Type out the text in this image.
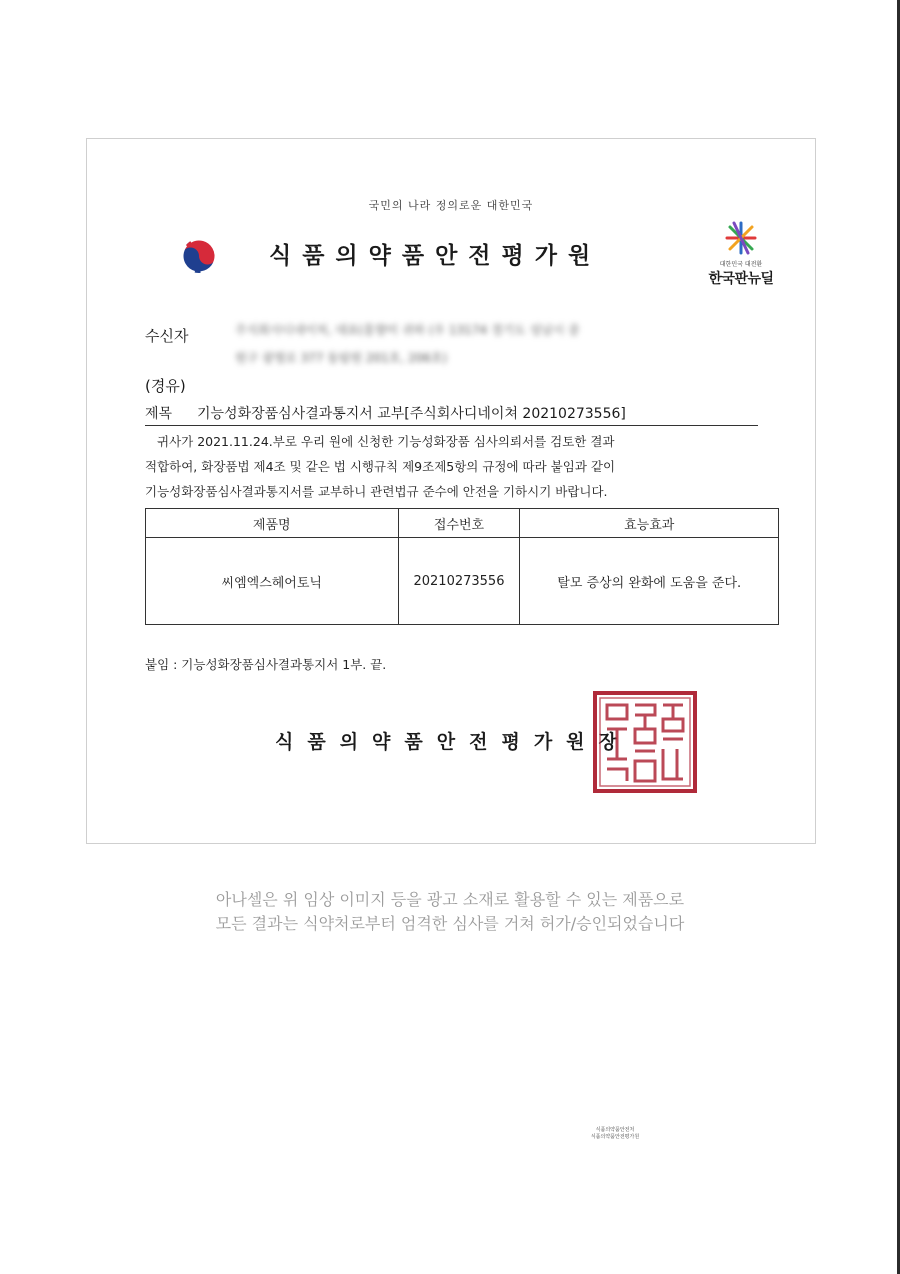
국민의 나라 정의로운 대한민국
식품의약품안전처
식품의약품안전평가원
식품의약품안전평가원	대한민국 대전환
한국판뉴딜
수신자	주식회사디네이처, 대표(홍향미 귀하 (우 13174 경기도 성남시 중
원구 광명로 377 동탑원 201호, 206호)
(경유)
제목 기능성화장품심사결과통지서 교부[주식회사디네이쳐 20210273556]

귀사가 2021.11.24.부로 우리 원에 신청한 기능성화장품 심사의뢰서를 검토한 결과

적합하여, 화장품법 제4조 및 같은 법 시행규칙 제9조제5항의 규정에 따라 붙임과 같이

기능성화장품심사결과통지서를 교부하니 관련법규 준수에 안전을 기하시기 바랍니다.

제품명	접수번호	효능효과
씨엠엑스헤어토닉	20210273556	탈모 증상의 완화에 도움을 준다.
붙임 : 기능성화장품심사결과통지서 1부. 끝.
식품의약품안전평가원장

아나셀은 위 임상 이미지 등을 광고 소재로 활용할 수 있는 제품으로

모든 결과는 식약처로부터 엄격한 심사를 거쳐 허가/승인되었습니다
